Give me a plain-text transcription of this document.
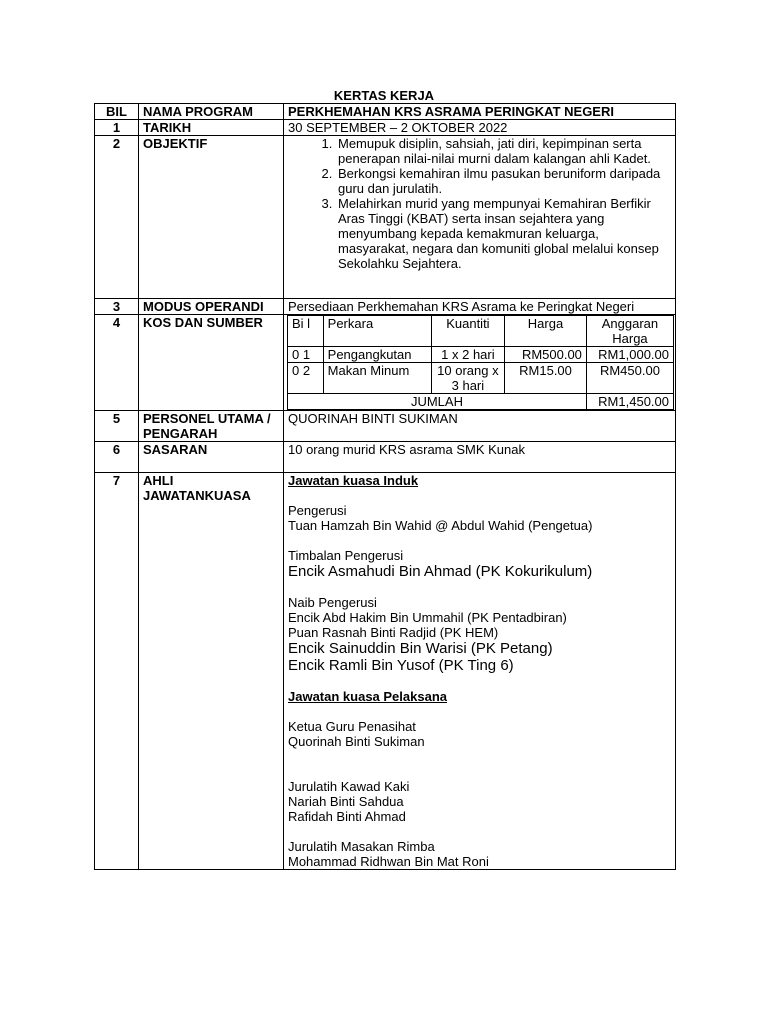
KERTAS KERJA
BIL	NAMA PROGRAM	PERKHEMAHAN KRS ASRAMA PERINGKAT NEGERI
1	TARIKH	30 SEPTEMBER – 2 OKTOBER 2022
2	OBJEKTIF	
1.Memupuk disiplin, sahsiah, jati diri, kepimpinan serta penerapan nilai-nilai murni dalam kalangan ahli Kadet.
2. Berkongsi kemahiran ilmu pasukan beruniform daripada guru dan jurulatih.
3. Melahirkan murid yang mempunyai Kemahiran Berfikir Aras Tinggi (KBAT) serta insan sejahtera yang menyumbang kepada kemakmuran keluarga, masyarakat, negara dan komuniti global melalui konsep Sekolahku Sejahtera.

3	MODUS OPERANDI	Persediaan Perkhemahan KRS Asrama ke Peringkat Negeri
4	KOS DAN SUMBER	Bi l	Perkara	Kuantiti	Harga	Anggaran Harga
0 1	Pengangkutan	1 x 2 hari	RM500.00	RM1,000.00
0 2	Makan Minum	10 orang x 3 hari	RM15.00	RM450.00
JUMLAH	RM1,450.00

5	PERSONEL UTAMA / PENGARAH	QUORINAH BINTI SUKIMAN
6	SASARAN	10 orang murid KRS asrama SMK Kunak
7	AHLI JAWATANKUASA	
Jawatan kuasa Induk
Pengerusi
Tuan Hamzah Bin Wahid @ Abdul Wahid (Pengetua)
Timbalan Pengerusi
Encik Asmahudi Bin Ahmad (PK Kokurikulum)
Naib Pengerusi
Encik Abd Hakim Bin Ummahil (PK Pentadbiran)
Puan Rasnah Binti Radjid (PK HEM)
Encik Sainuddin Bin Warisi (PK Petang)
Encik Ramli Bin Yusof (PK Ting 6)
Jawatan kuasa Pelaksana
Ketua Guru Penasihat
Quorinah Binti Sukiman
Jurulatih Kawad Kaki
Nariah Binti Sahdua
Rafidah Binti Ahmad
Jurulatih Masakan Rimba
Mohammad Ridhwan Bin Mat Roni
